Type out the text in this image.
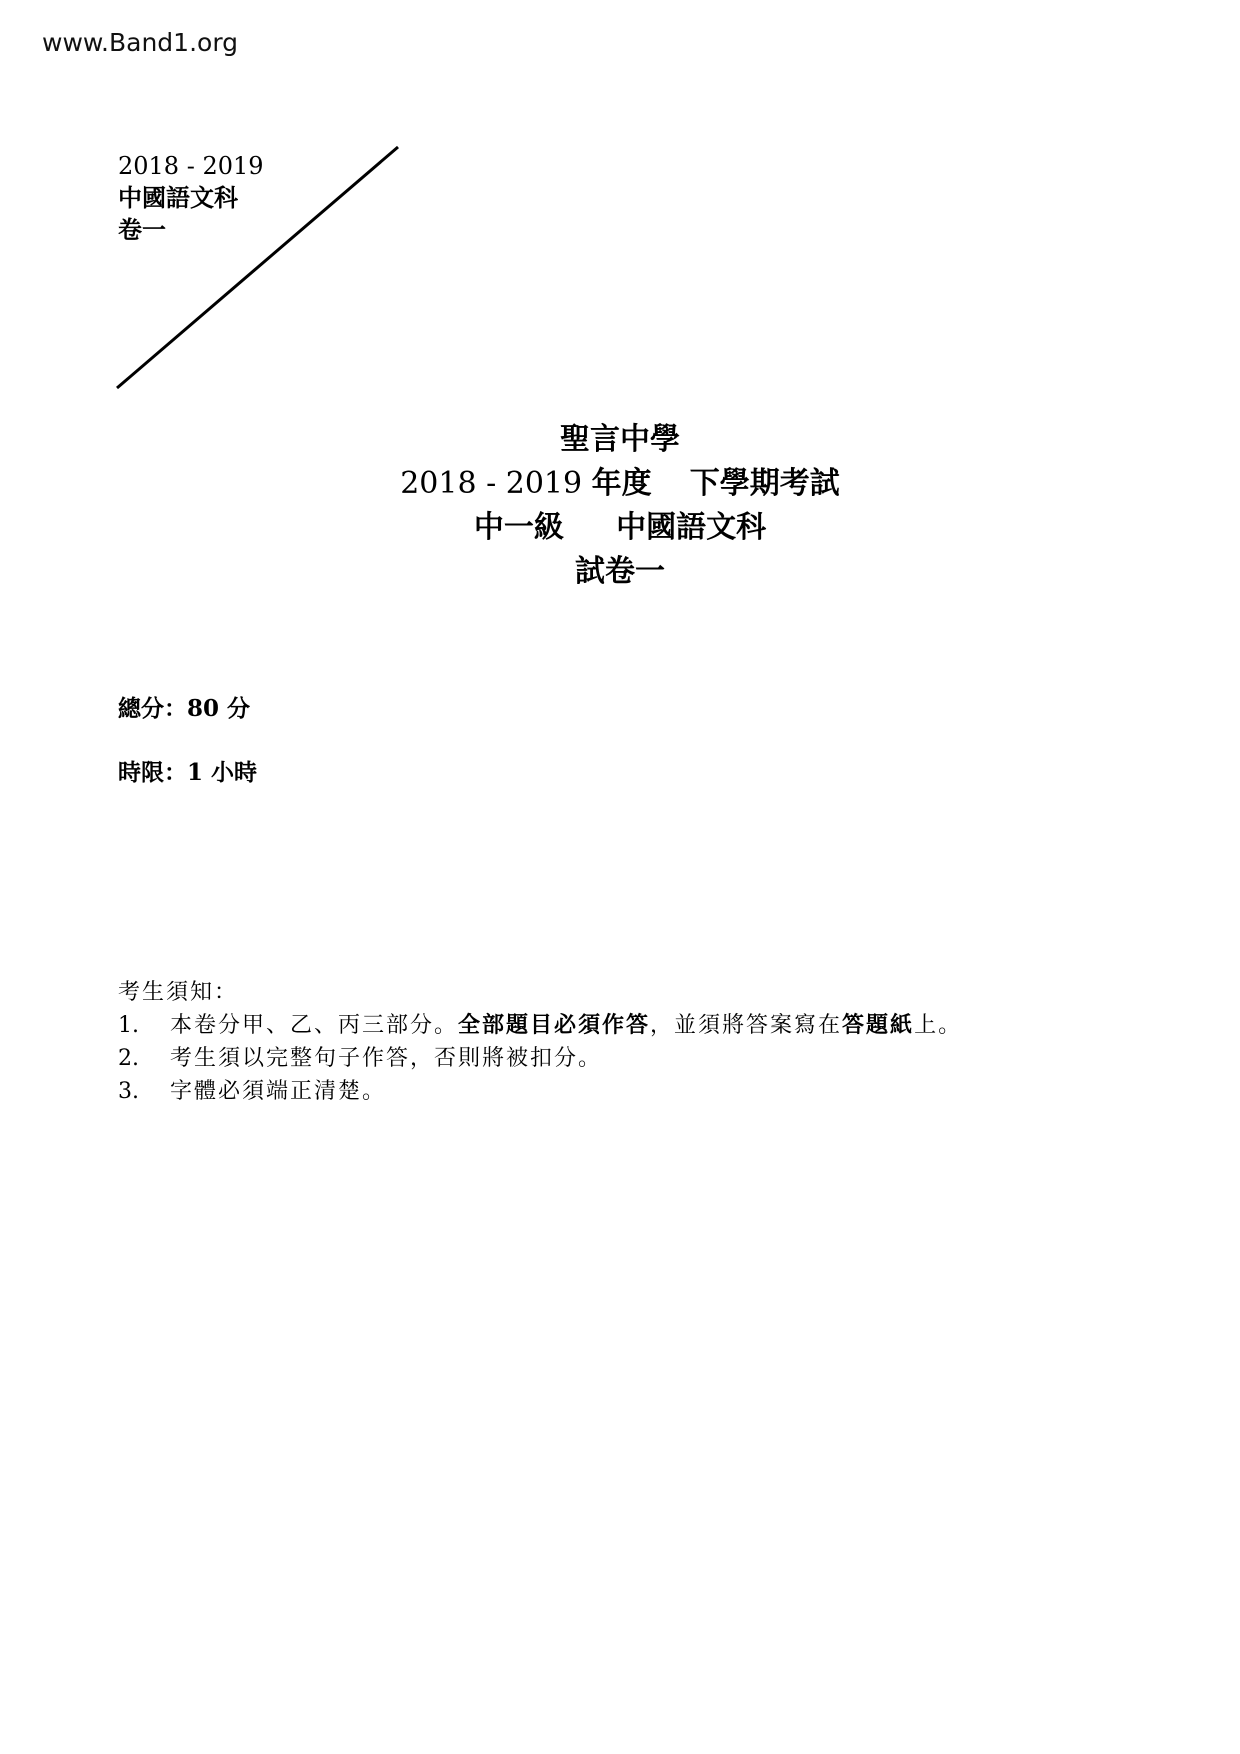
www.Band1.org
2018 - 2019
中國語文科
卷一
聖言中學
2018 - 2019 年度 下學期考試
中一級 中國語文科
試卷一
總分：80 分
時限：1 小時
考生須知：
1.	本卷分甲、乙、丙三部分。全部題目必須作答，並須將答案寫在答題紙上。
2.	考生須以完整句子作答，否則將被扣分。
3.	字體必須端正清楚。
